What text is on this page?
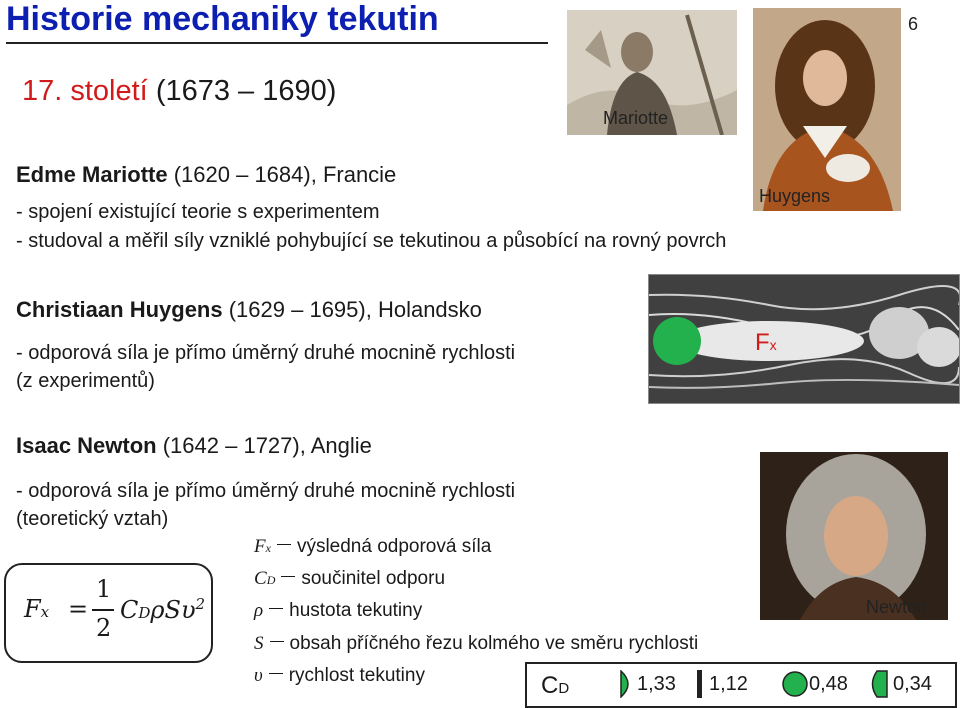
Historie mechaniky tekutin	6
17. století (1673 – 1690)
Mariotte
Huygens
Edme Mariotte (1620 – 1684), Francie
- spojení existující teorie s experimentem
- studoval a měřil síly vzniklé pohybující se tekutinou a působící na rovný povrch
Christiaan Huygens (1629 – 1695), Holandsko
- odporová síla je přímo úměrný druhé mocnině rychlosti
(z experimentů)
Fx
Isaac Newton (1642 – 1727), Anglie
- odporová síla je přímo úměrný druhé mocnině rychlosti
(teoretický vztah)
Newton
Fx =
1
2
CDρSυ$^2$
Fx výsledná odporová síla
CD součinitel odporu
ρ hustota tekutiny
S obsah příčného řezu kolmého ve směru rychlosti
υ rychlost tekutiny	CD	1,33 1,12	0,48 0,34
